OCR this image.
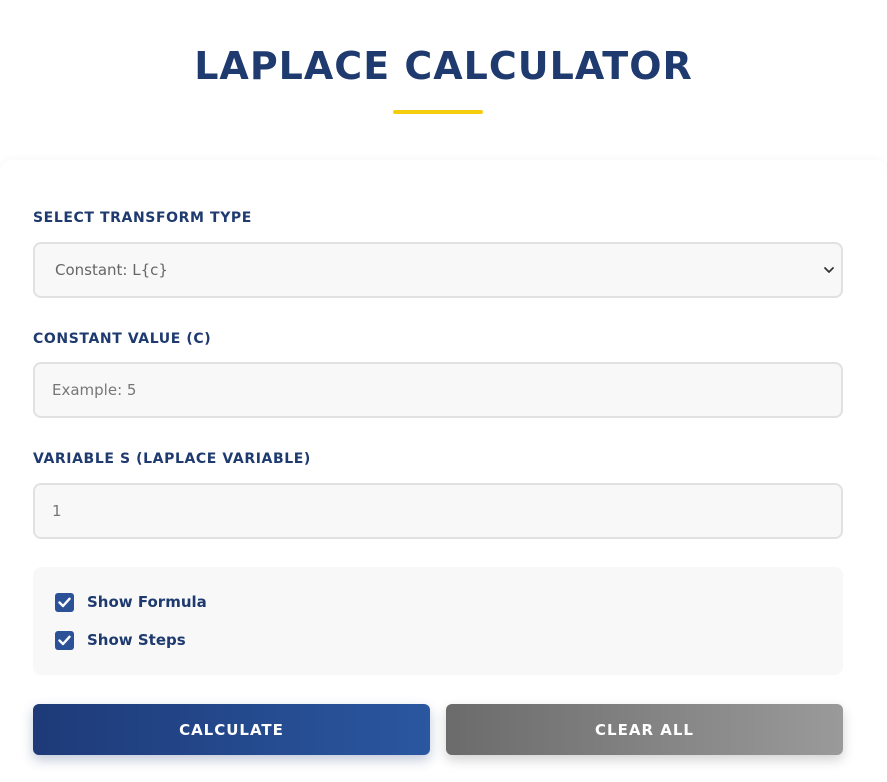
LAPLACE CALCULATOR
SELECT TRANSFORM TYPE
Constant: L{c}
CONSTANT VALUE (C)
Example: 5
VARIABLE S (LAPLACE VARIABLE)
1
Show Formula
Show Steps
CALCULATE	CLEAR ALL
